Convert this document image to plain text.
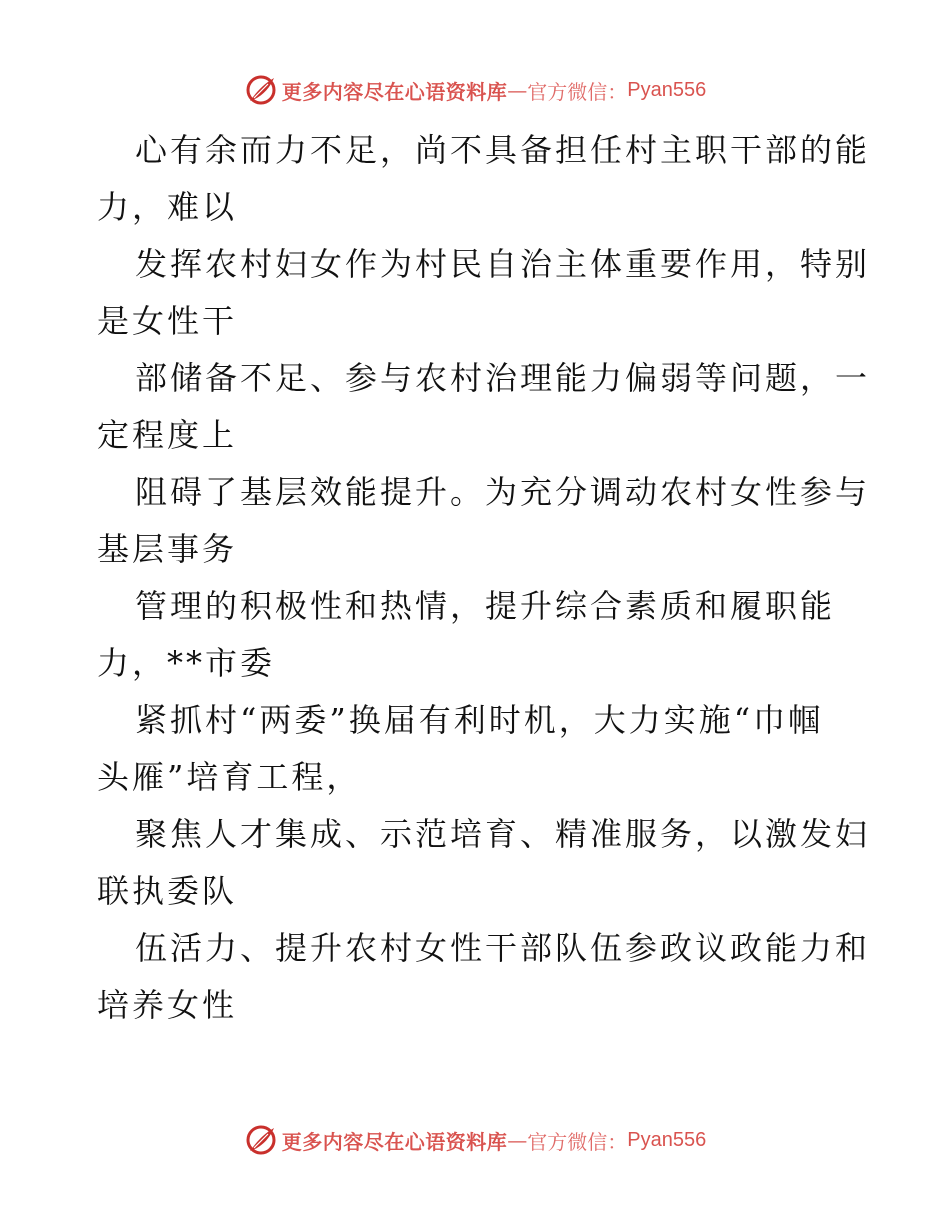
更多内容尽在心语资料库 — 官方微信： Pyan556

心有余而力不足，尚不具备担任村主职干部的能
力，难以

发挥农村妇女作为村民自治主体重要作用，特别
是女性干

部储备不足、参与农村治理能力偏弱等问题，一
定程度上

阻碍了基层效能提升。为充分调动农村女性参与
基层事务

管理的积极性和热情，提升综合素质和履职能
力，**市委

紧抓村“两委”换届有利时机，大力实施“巾帼
头雁”培育工程，

聚焦人才集成、示范培育、精准服务，以激发妇
联执委队

伍活力、提升农村女性干部队伍参政议政能力和
培养女性

更多内容尽在心语资料库 — 官方微信： Pyan556
